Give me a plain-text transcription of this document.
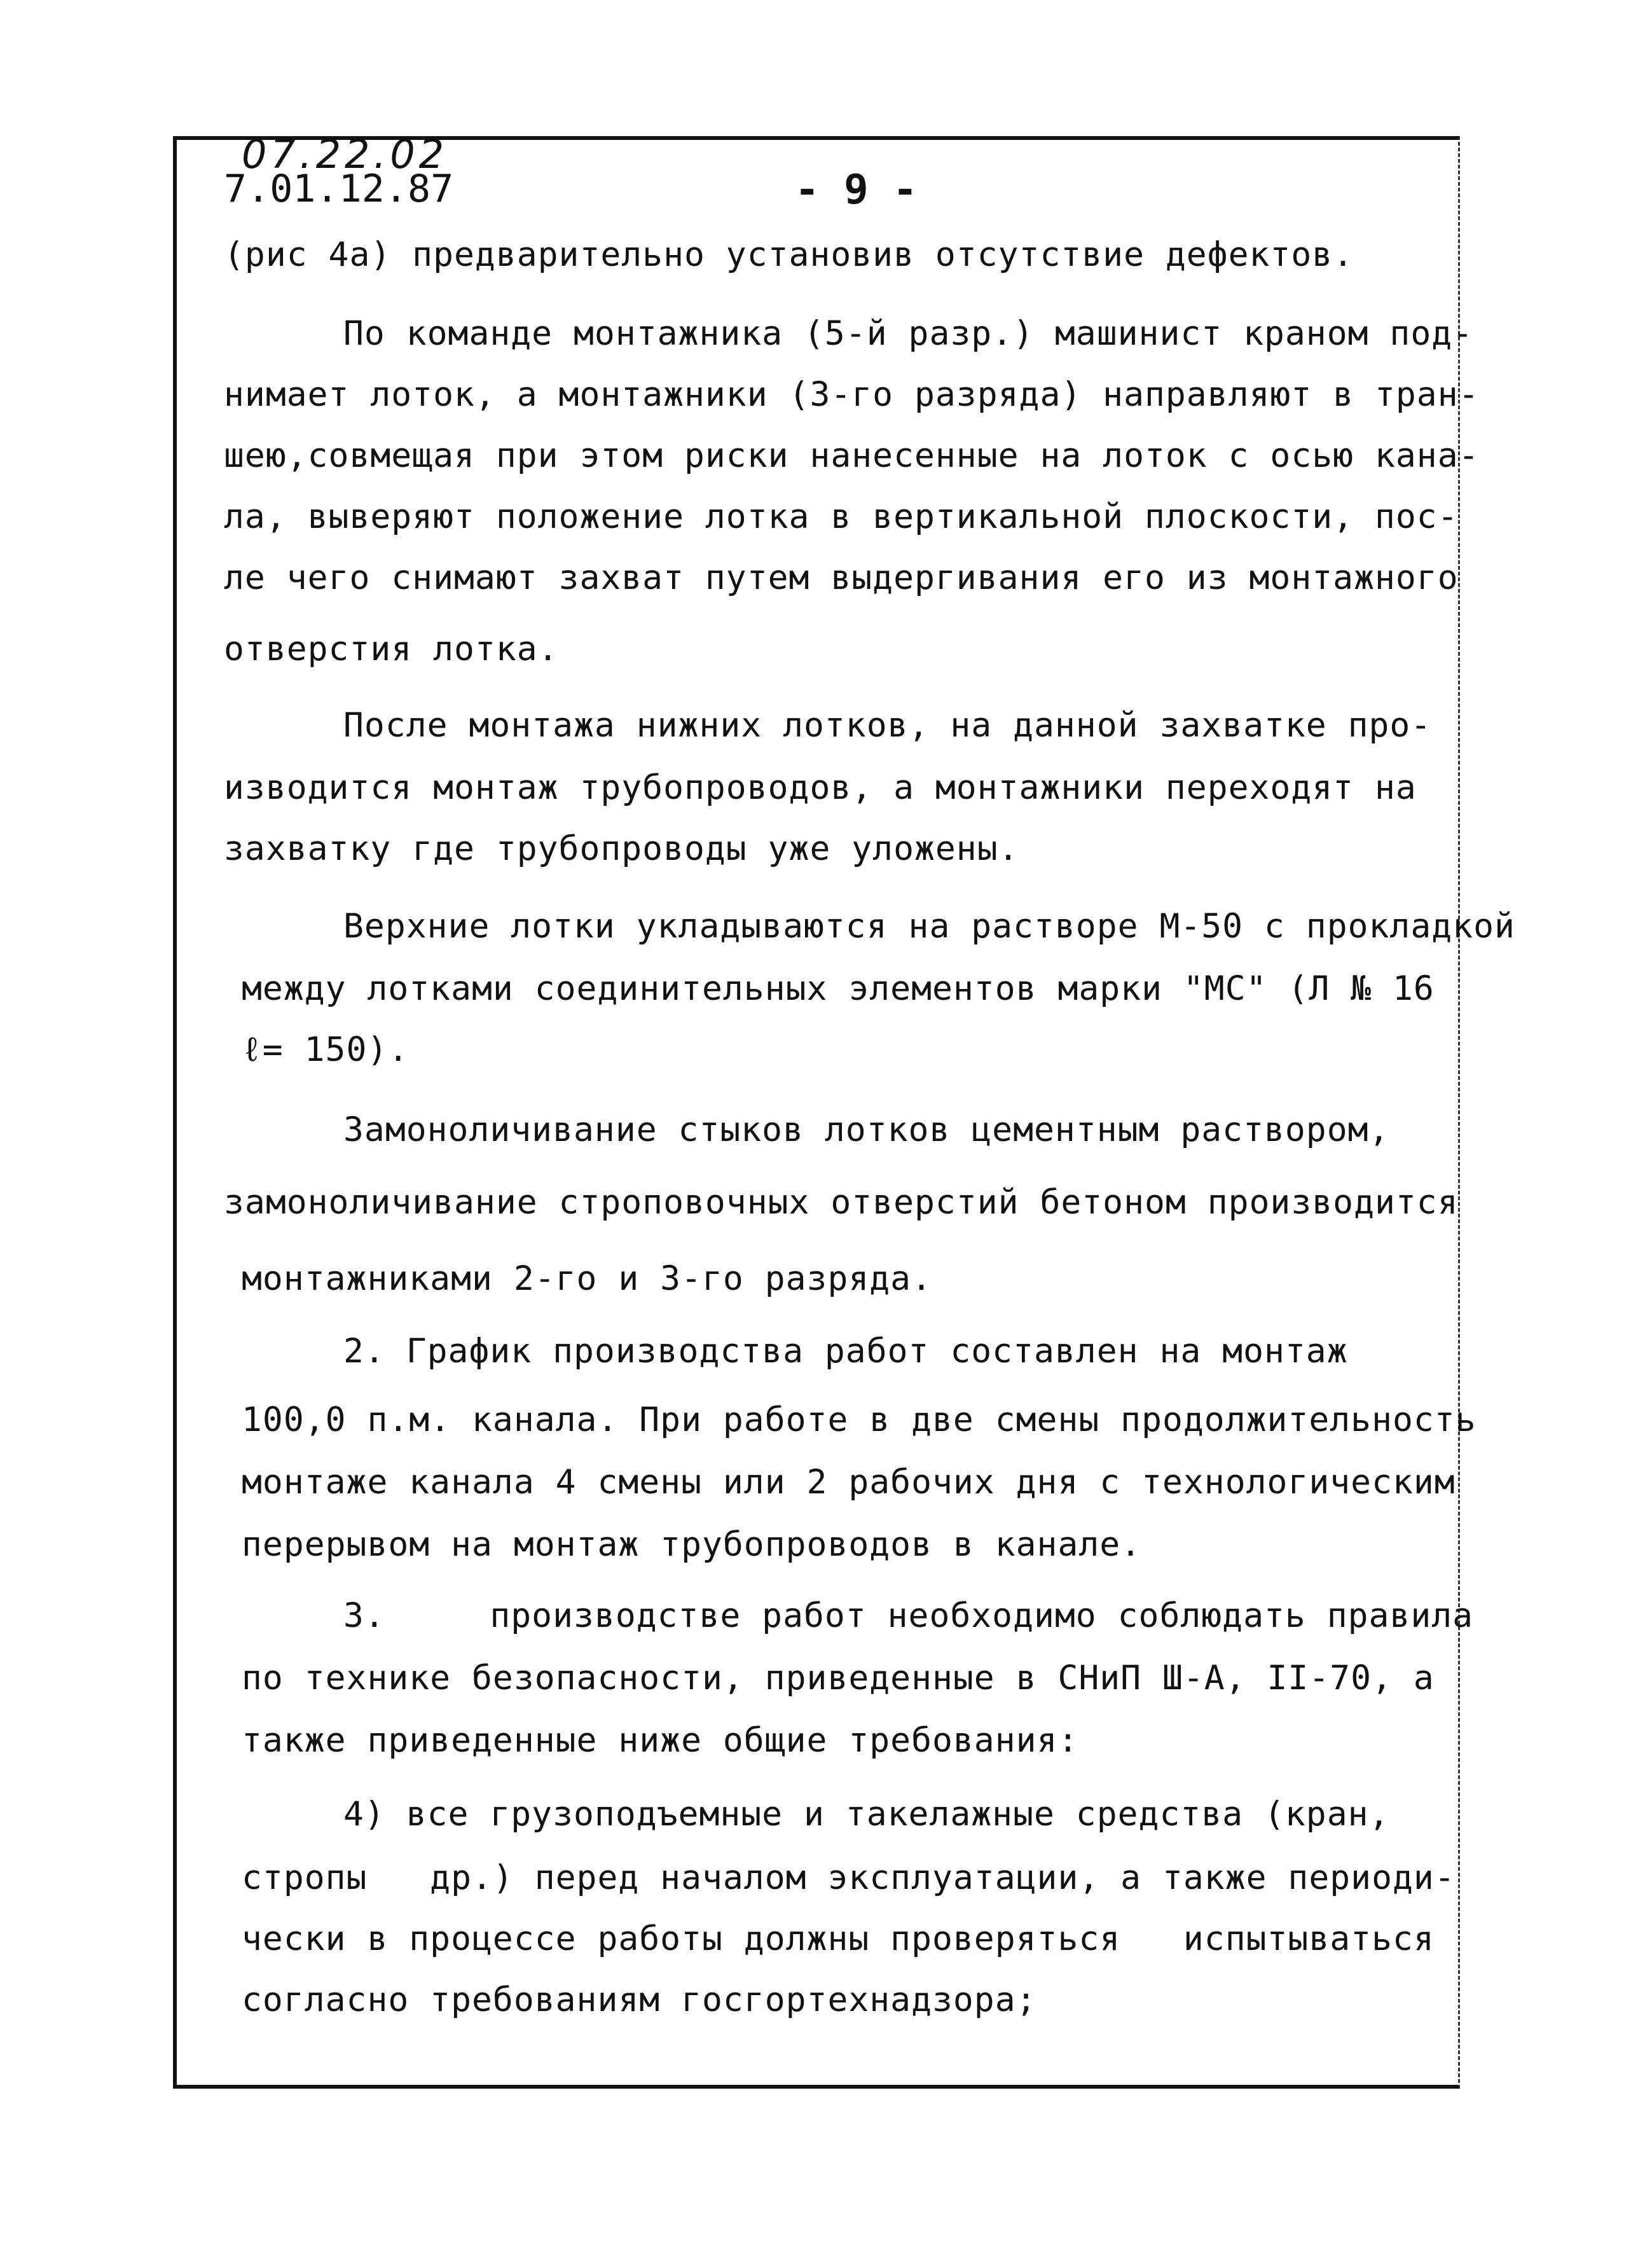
07.22.02
7.01.12.87	- 9 -
(рис 4а) предварительно установив отсутствие дефектов.
По команде монтажника (5-й разр.) машинист краном под-
нимает лоток, а монтажники (3-го разряда) направляют в тран-
шею,совмещая при этом риски нанесенные на лоток с осью кана-
ла, выверяют положение лотка в вертикальной плоскости, пос-
ле чего снимают захват путем выдергивания его из монтажного
отверстия лотка.
После монтажа нижних лотков, на данной захватке про-
изводится монтаж трубопроводов, а монтажники переходят на
захватку где трубопроводы уже уложены.
Верхние лотки укладываются на растворе М-50 с прокладкой
между лотками соединительных элементов марки "МС" (Л № 16
ℓ= 150).
Замоноличивание стыков лотков цементным раствором,
замоноличивание строповочных отверстий бетоном производится
монтажниками 2-го и 3-го разряда.
2. График производства работ составлен на монтаж
100,0 п.м. канала. При работе в две смены продолжительность
монтаже канала 4 смены или 2 рабочих дня с технологическим
перерывом на монтаж трубопроводов в канале.
3.     производстве работ необходимо соблюдать правила
по технике безопасности, приведенные в СНиП Ш-А, II-70, а
также приведенные ниже общие требования:
4) все грузоподъемные и такелажные средства (кран,
стропы   др.) перед началом эксплуатации, а также периоди-
чески в процессе работы должны проверяться   испытываться
согласно требованиям госгортехнадзора;
